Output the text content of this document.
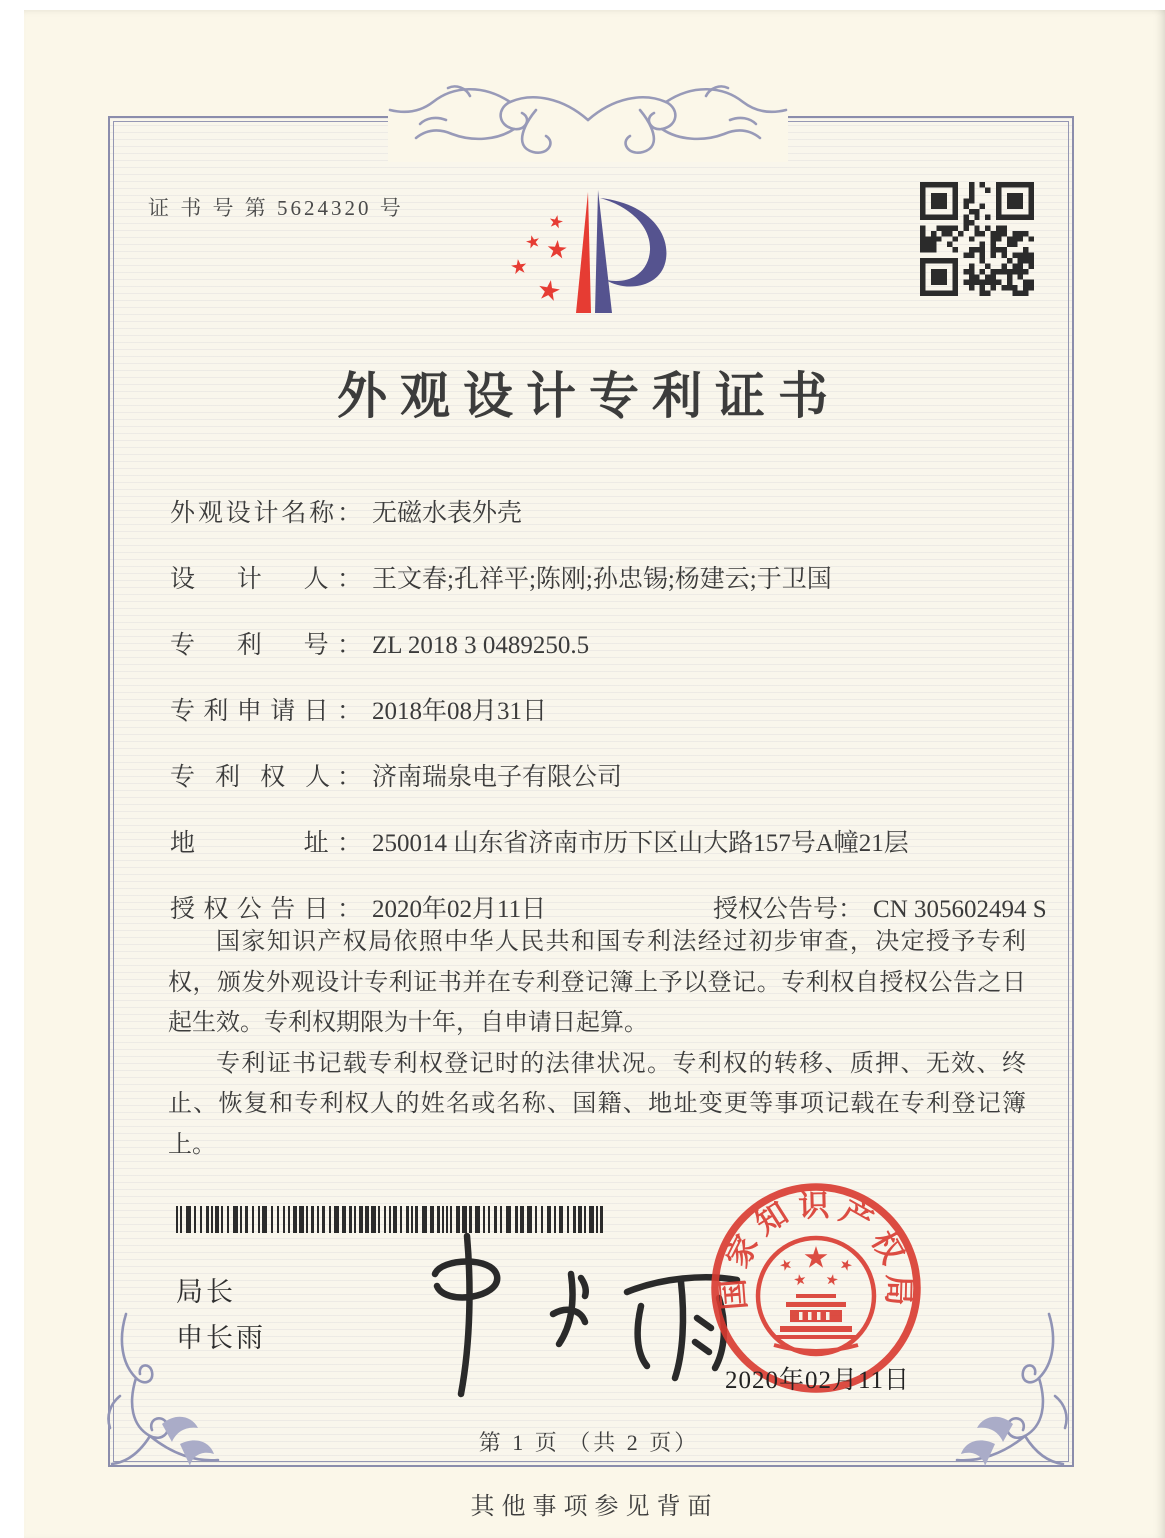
证 书 号 第 5624320 号
外观设计专利证书
外观设计名称： 无磁水表外壳
设　计　人： 王文春;孔祥平;陈刚;孙忠锡;杨建云;于卫国
专　利　号： ZL 2018 3 0489250.5
专利申请日： 2018年08月31日
专 利 权 人： 济南瑞泉电子有限公司
地　　　址： 250014 山东省济南市历下区山大路157号A幢21层
授权公告日： 2020年02月11日	授权公告号： CN 305602494 S

国家知识产权局依照中华人民共和国专利法经过初步审查，决定授予专利权，颁发外观设计专利证书并在专利登记簿上予以登记。专利权自授权公告之日起生效。专利权期限为十年，自申请日起算。

专利证书记载专利权登记时的法律状况。专利权的转移、质押、无效、终止、恢复和专利权人的姓名或名称、国籍、地址变更等事项记载在专利登记簿上。

局长
申长雨
国家知识产权局
2020年02月11日
第 1 页 （共 2 页）
其他事项参见背面
